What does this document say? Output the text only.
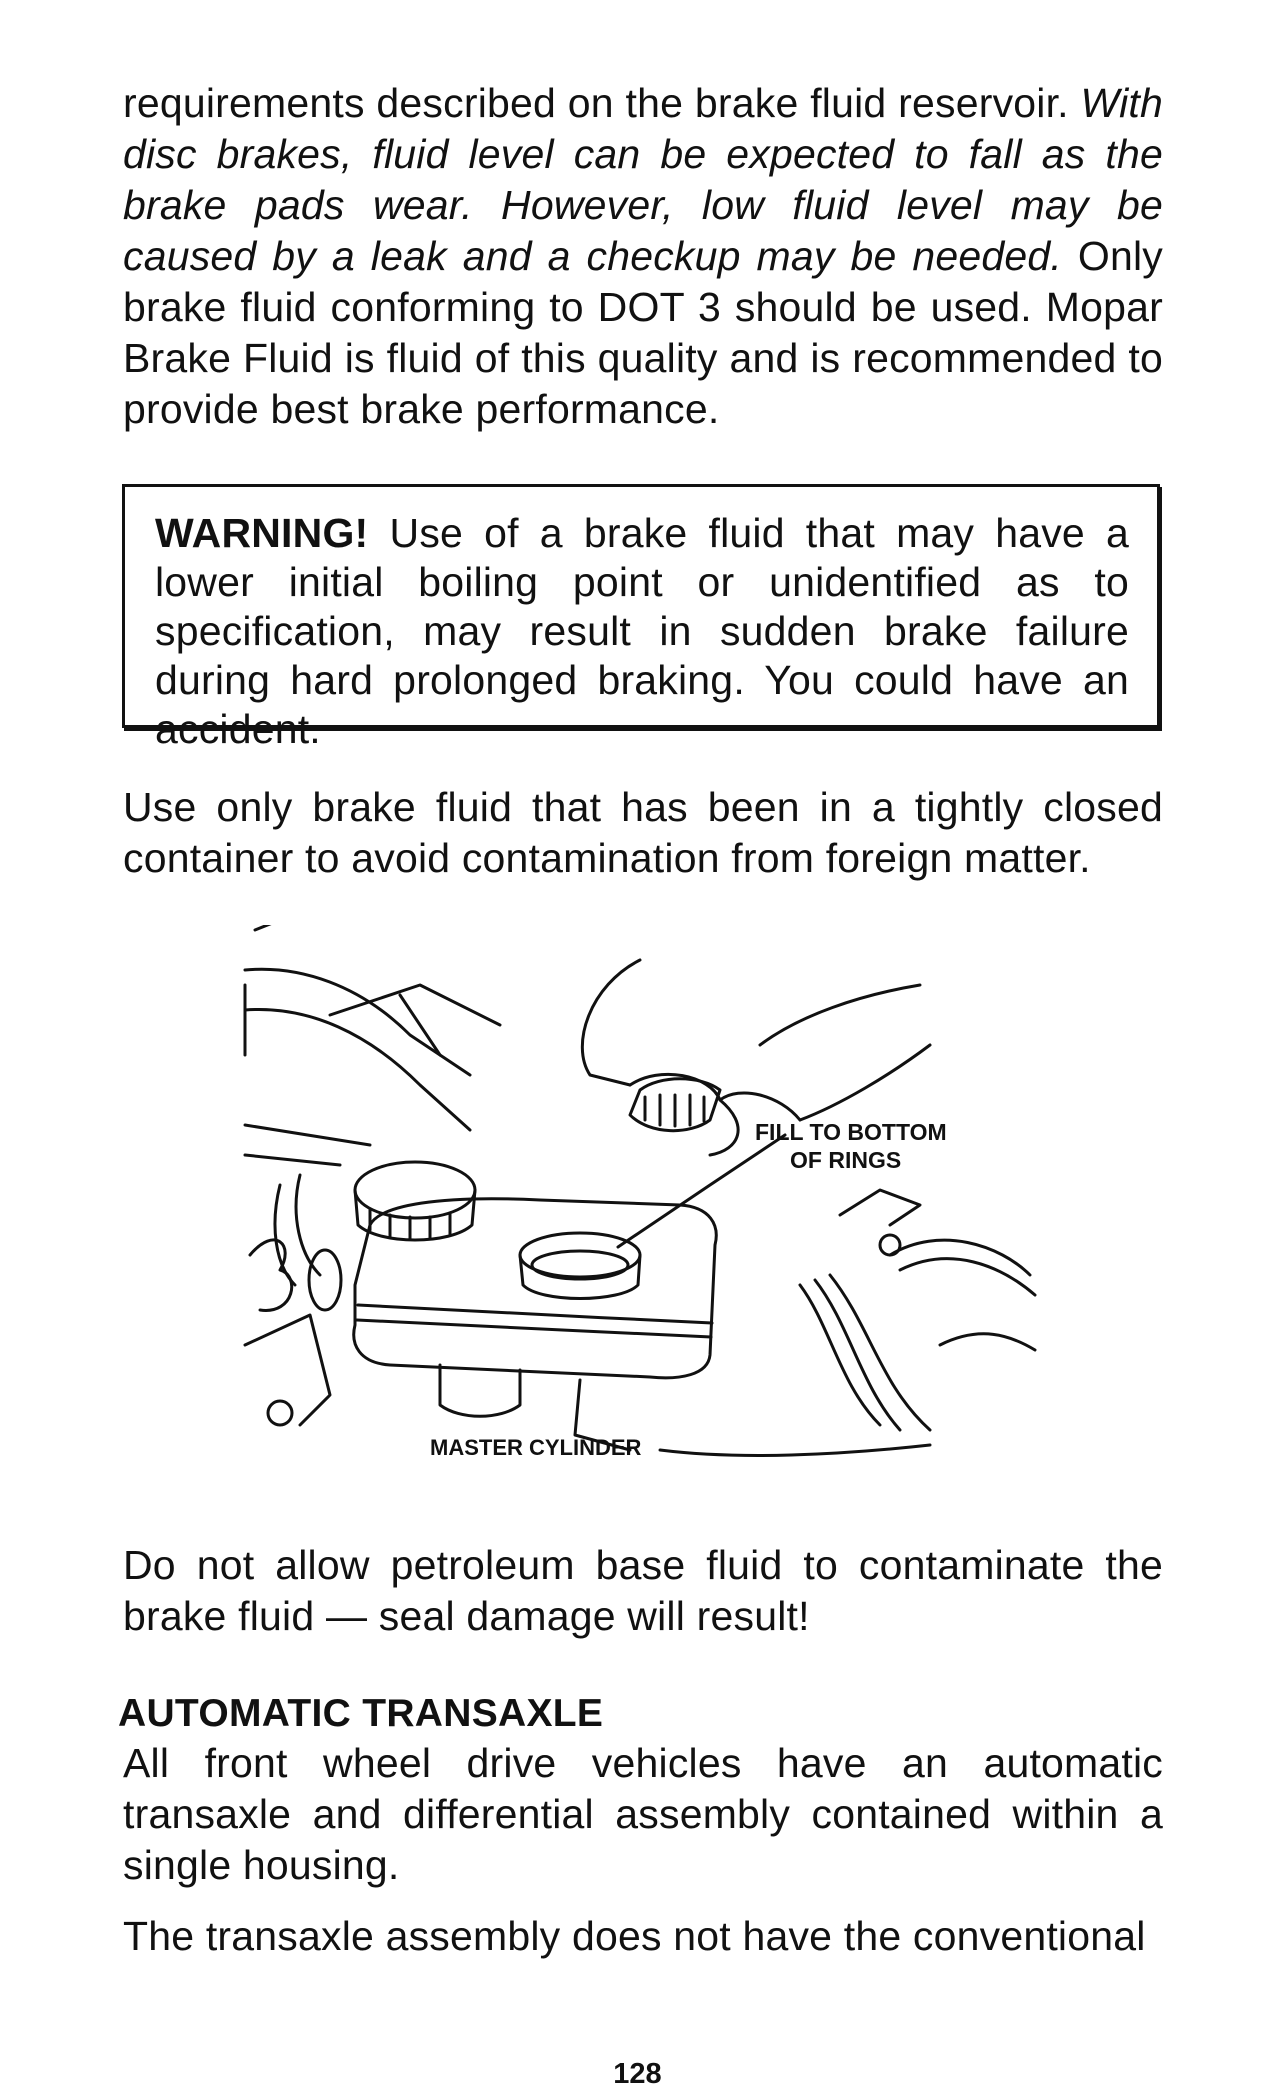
requirements described on the brake fluid reservoir. With disc brakes, fluid level can be expected to fall as the brake pads wear. However, low fluid level may be caused by a leak and a checkup may be needed. Only brake fluid conforming to DOT 3 should be used. Mopar Brake Fluid is fluid of this quality and is recommended to provide best brake performance.

WARNING! Use of a brake fluid that may have a lower initial boiling point or unidentified as to specification, may result in sudden brake failure during hard prolonged braking. You could have an accident.

Use only brake fluid that has been in a tightly closed container to avoid contamination from foreign matter.

FILL TO BOTTOM
OF RINGS
MASTER CYLINDER

Do not allow petroleum base fluid to contaminate the brake fluid — seal damage will result!

AUTOMATIC TRANSAXLE

All front wheel drive vehicles have an automatic transaxle and differential assembly contained within a single housing.

The transaxle assembly does not have the conventional

128
